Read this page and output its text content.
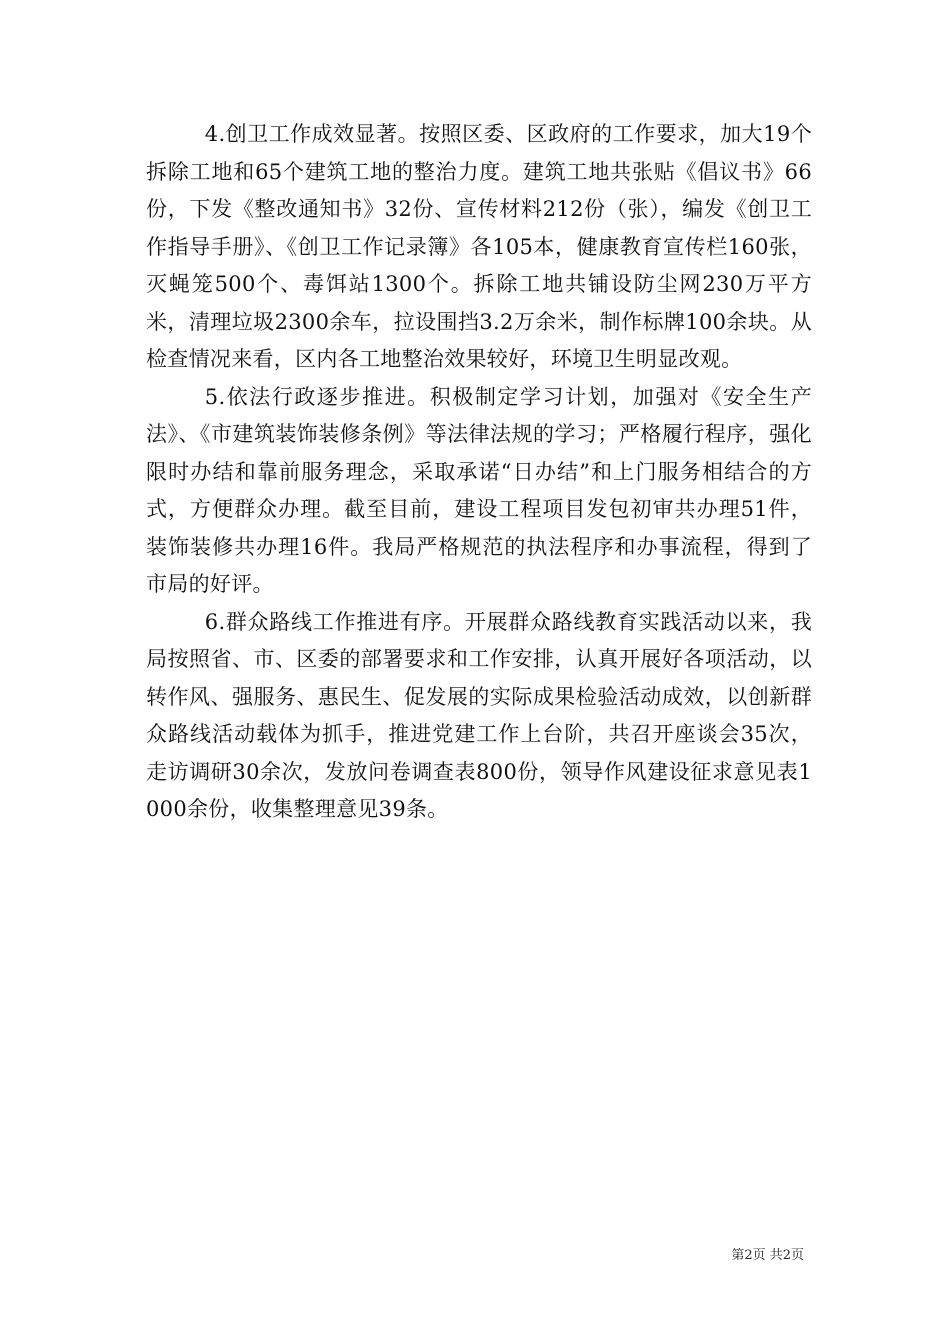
4.创卫工作成效显著。按照区委、区政府的工作要求，加大19个拆除工地和65个建筑工地的整治力度。建筑工地共张贴《倡议书》66份，下发《整改通知书》32份、宣传材料212份（张），编发《创卫工作指导手册》、《创卫工作记录簿》各105本，健康教育宣传栏160张，灭蝇笼500个、毒饵站1300个。拆除工地共铺设防尘网230万平方米，清理垃圾2300余车，拉设围挡3.2万余米，制作标牌100余块。从检查情况来看，区内各工地整治效果较好，环境卫生明显改观。

5.依法行政逐步推进。积极制定学习计划，加强对《安全生产法》、《市建筑装饰装修条例》等法律法规的学习；严格履行程序，强化限时办结和靠前服务理念，采取承诺“日办结”和上门服务相结合的方式，方便群众办理。截至目前，建设工程项目发包初审共办理51件，装饰装修共办理16件。我局严格规范的执法程序和办事流程，得到了市局的好评。

6.群众路线工作推进有序。开展群众路线教育实践活动以来，我局按照省、市、区委的部署要求和工作安排，认真开展好各项活动，以转作风、强服务、惠民生、促发展的实际成果检验活动成效，以创新群众路线活动载体为抓手，推进党建工作上台阶，共召开座谈会35次，走访调研30余次，发放问卷调查表800份，领导作风建设征求意见表1000余份，收集整理意见39条。

第2页 共2页
